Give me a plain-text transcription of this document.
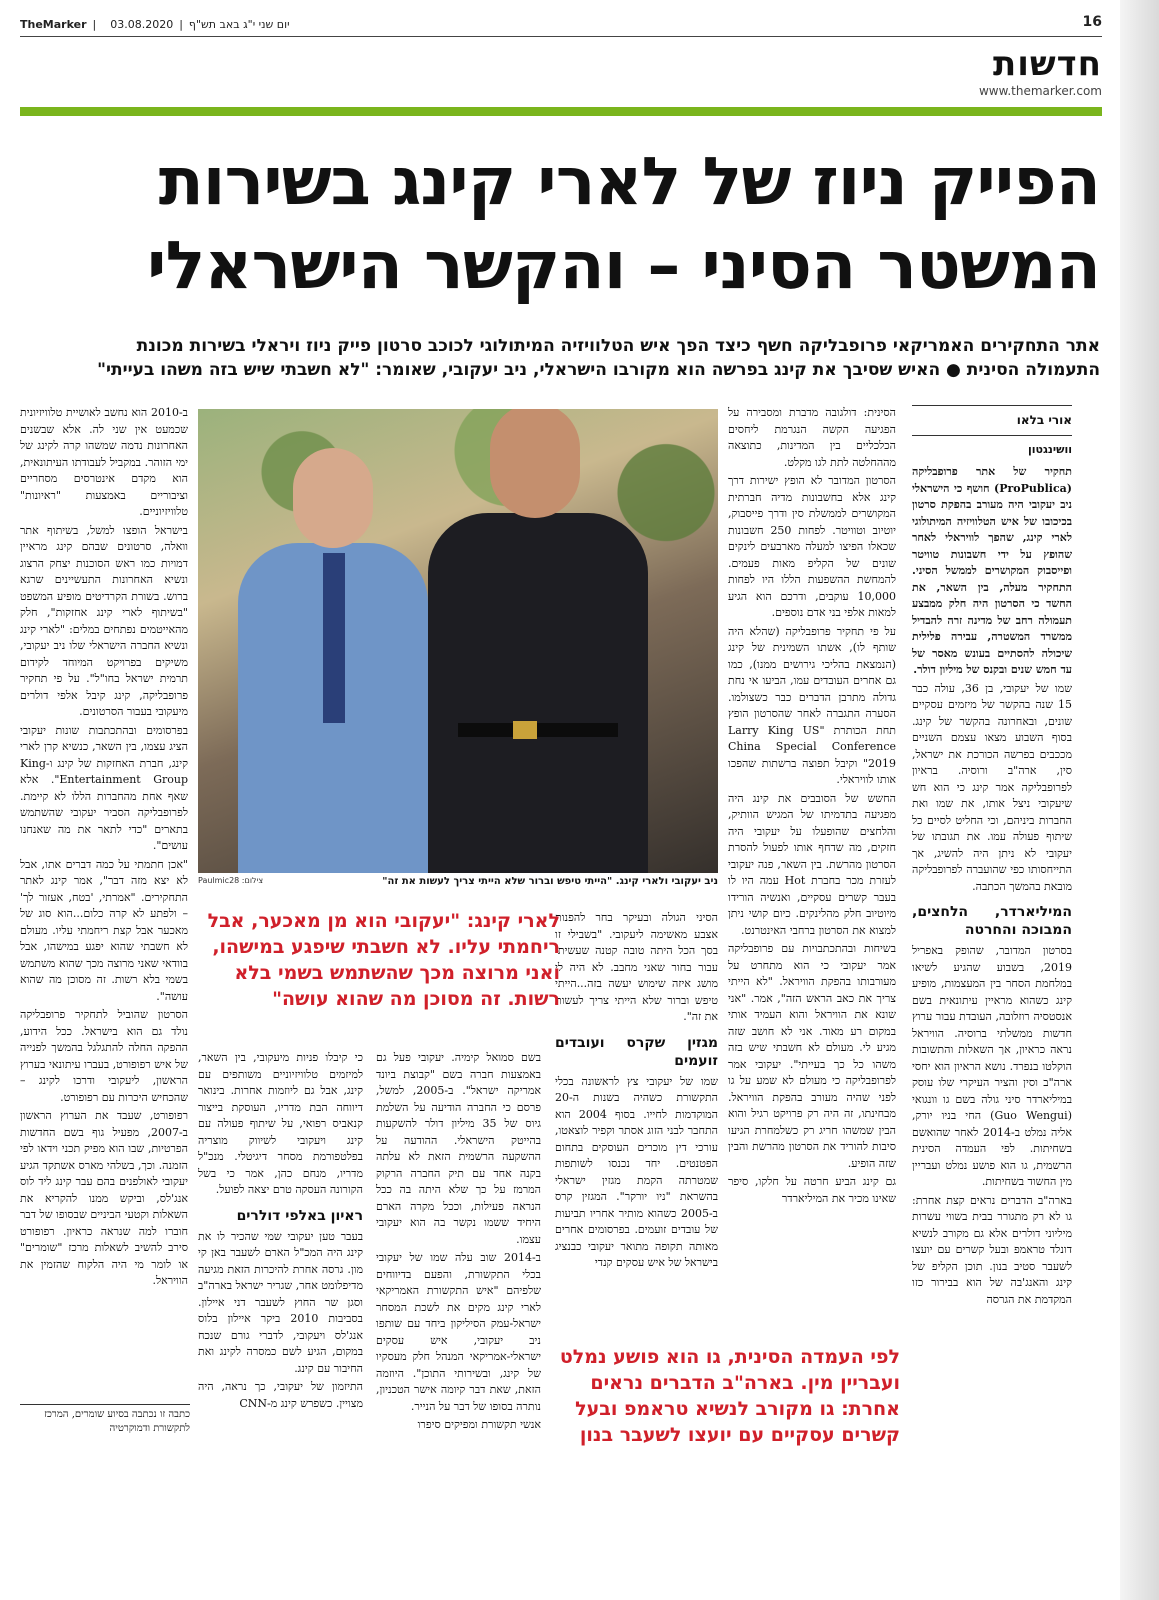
TheMarker | 03.08.2020 | יום שני י"ג באב תש"ף	16
חדשות
www.themarker.com
הפייק ניוז של לארי קינג בשירות
המשטר הסיני – והקשר הישראלי
אתר התחקירים האמריקאי פרופבליקה חשף כיצד הפך איש הטלוויזיה המיתולוגי לכוכב סרטון פייק ניוז ויראלי בשירות מכונת התעמולה הסינית ● האיש שסיבך את קינג בפרשה הוא מקורבו הישראלי, ניב יעקובי, שאומר: "לא חשבתי שיש בזה משהו בעייתי"
אורי בלאו
וושינגטון

תחקיר של אתר פרופבליקה (ProPublica) חושף כי הישראלי ניב יעקובי היה מעורב בהפקת סרטון בכיכובו של איש הטלוויזיה המיתולוגי לארי קינג, שהפך לוויראלי לאחר שהופץ על ידי חשבונות טוויטר ופייסבוק המקושרים לממשל הסיני. התחקיר מעלה, בין השאר, את החשד כי הסרטון היה חלק ממבצע תעמולה רחב של מדינה זרה להבדיל ממשרד המשטרה, עבירה פלילית שיכולה להסתיים בעונש מאסר של עד חמש שנים ובקנס של מיליון דולר.

שמו של יעקובי, בן 36, עולה כבר 15 שנה בהקשר של מיזמים עסקיים שונים, ובאחרונה בהקשר של קינג. בסוף השבוע מצאו עצמם השניים מככבים בפרשה הכורכת את ישראל, סין, ארה"ב ורוסיה. בראיון לפרופבליקה אמר קינג כי הוא חש שיעקובי ניצל אותו, את שמו ואת החברות ביניהם, וכי החליט לסיים כל שיתוף פעולה עמו. את תגובתו של יעקובי לא ניתן היה להשיג, אך התייחסותו כפי שהועברה לפרופבליקה מובאת בהמשך הכתבה.

המיליארדר, הלחצים, המבוכה והחרטה

בסרטון המדובר, שהופק באפריל 2019, בשבוע שהגיע לשיאו במלחמת הסחר בין המעצמות, מופיע קינג כשהוא מראיין עיתונאית בשם אנסטסיה רוזלובה, העובדת עבור ערוץ חדשות ממשלתי ברוסיה. הוויראל נראה כראיון, אך השאלות והתשובות הוקלטו בנפרד. נושא הראיון הוא יחסי ארה"ב וסין והציר העיקרי שלו עוסק במיליארדר סיני גולה בשם גו וונגואי (Guo Wengui) החי בניו יורק, אליה נמלט ב-2014 לאחר שהואשם בשחיתות. לפי העמדה הסינית הרשמית, גו הוא פושע נמלט ועבריין מין החשוד בשחיתות.

בארה"ב הדברים נראים קצת אחרת: גו לא רק מתגורר בבית בשווי עשרות מיליוני דולרים אלא גם מקורב לנשיא דונלד טראמפ ובעל קשרים עם יועצו לשעבר סטיב בנון. תוכן הקליפ של קינג והאנג'בה של הוא בבירור כזו המקדמת את הגרסה

הסינית: דולגובה מדברת ומסבירה על הפגיעה הקשה הנגרמת ליחסים הכלכליים בין המדינות, כתוצאה מההחלטה לתת לגו מקלט.

הסרטון המדובר לא הופץ ישירות דרך קינג אלא בחשבונות מדיה חברתית המקושרים לממשלת סין ודרך פייסבוק, יוטיוב וטוויטר. לפחות 250 חשבונות שכאלו הפיצו למעלה מארבעים לינקים שונים של הקליפ מאות פעמים. להמחשת ההשפעות הללו היו לפחות 10,000 עוקבים, ודרכם הוא הגיע למאות אלפי בני אדם נוספים.

על פי תחקיר פרופבליקה (שהלא היה שותף לו), אשתו השמינית של קינג (הנמצאת בהליכי גירושים ממנו), כמו גם אחרים העובדים עמו, הביעו אי נחת גדולה מתרבן הדברים כבר כשצולמו. הסערה התגברה לאחר שהסרטון הופץ תחת הכותרת "Larry King US China Special Conference 2019" וקיבל תפוצה ברשתות שהפכו אותו לוויראלי.

החשש של הסובבים את קינג היה מפגיעה בתדמיתו של המגיש הוותיק, והלחצים שהופעלו על יעקובי היה חזקים, מה שדחף אותו לפעול להסרת הסרטון מהרשת. בין השאר, פנה יעקובי לעזרת מכר בחברת Hot עמה היו לו בעבר קשרים עסקיים, ואנשיה הורידו מיוטיוב חלק מהלינקים. כיום קושי ניתן למצוא את הסרטון ברחבי האינטרנט.

בשיחות ובהתכתבויות עם פרופבליקה אמר יעקובי כי הוא מתחרט על מעורבותו בהפקת הוויראל. "לא הייתי צריך את כאב הראש הזה", אמר. "אני שונא את הוויראל והוא העמיד אותי במקום רע מאוד. אני לא חושב שזה מגיע לי. מעולם לא חשבתי שיש בזה משהו כל כך בעייתי". יעקובי אמר לפרופבליקה כי מעולם לא שמע על גו לפני שהיה מעורב בהפקת הוויראל. מבחינתו, זה היה רק פרויקט רגיל והוא הבין שמשהו חריג רק כשלמחרת הגיעו סיבות להוריד את הסרטון מהרשת והבין שזה הופיע.

גם קינג הביע חרטה על חלקו, סיפר שאינו מכיר את המיליארדר

ניב יעקובי ולארי קינג. "הייתי טיפש וברור שלא הייתי צריך לעשות את זה"
צילום: Paulmic28

הסיני הגולה ובעיקר בחר להפנות אצבע מאשימה ליעקובי. "בשבילי זו בסך הכל היתה טובה קטנה שעשיתי עבור בחור שאני מחבב. לא היה לי מושג איזה שימוש יעשה בזה...הייתי טיפש וברור שלא הייתי צריך לעשות את זה".

מגזין שקרס ועובדים זועמים

שמו של יעקובי צץ לראשונה בכלי התקשורת כשהיה בשנות ה-20 המוקדמות לחייו. בסוף 2004 הוא התחבר לבני הזוג אסתר וקפיר לוצאטו, עורכי דין מוכרים העוסקים בתחום הפטנטים. יחד נכנסו לשותפות שמטרתה הקמת מגזין ישראלי בהשראת "ניו יורקר". המגזין קרס ב-2005 כשהוא מותיר אחריו תביעות של עובדים זועמים. בפרסומים אחרים מאותה תקופה מתואר יעקובי כבנציג בישראל של איש עסקים קנדי

לארי קינג: "יעקובי הוא מן מאכער, אבל ריחמתי עליו. לא חשבתי שיפגע במישהו, ואני מרוצה מכך שהשתמש בשמי בלא רשות. זה מסוכן מה שהוא עושה"

בשם סמואל קימיה. יעקובי פעל גם באמצעות חברה בשם "קבוצת ביונד אמריקה ישראל". ב-2005, למשל, פרסם כי החברה הודיעה על השלמת גיוס של 35 מיליון דולר להשקעות בהייטק הישראלי. ההודעה על ההשקעה הרשמית הזאת לא עלתה בקנה אחד עם תיק החברה הרקוק המרמז על כך שלא היתה בה ככל הנראה פעילות, וככל מקרה הארם היחיד ששמו נקשר בה הוא יעקובי עצמו.

ב-2014 שוב עלה שמו של יעקובי בכלי התקשורת, והפעם בדיווחים שלפיהם "איש התקשורת האמריקאי לארי קינג מקים את לשכת המסחר ישראל-עמק הסיליקון ביחד עם שותפו ניב יעקובי, איש עסקים ישראלי-אמריקאי המנהל חלק מעסקיו של קינג, ובשירותי התוכן". היוזמה הזאת, שאת דבר קיומה אישר הטכניון, נותרה בסופו של דבר על הנייר.

אנשי תקשורת ומפיקים סיפרו

כי קיבלו פניות מיעקובי, בין השאר, למיזמים טלוויזיוניים משותפים עם קינג, אבל גם ליוזמות אחרות. בינואר דיווחה הבת מדריו, העוסקת בייצור קנאביס רפואי, על שיתוף פעולה עם קינג ויעקובי לשיווק מוצריה בפלטפורמת מסחר דיגיטלי. מנכ"ל מדריו, מנחם כהן, אמר כי בשל הקורונה העסקה טרם יצאה לפועל.

ראיון באלפי דולרים

בעבר טען יעקובי שמי שהכיר לו את קינג היה המכ"ל הארם לשעבר באן קי מון. גרסה אחרת להיכרות הזאת מגיעה מדיפלומט אחר, שגריר ישראל בארה"ב וסגן שר החוץ לשעבר דני איילון. בסביבות 2010 ביקר איילון בלוס אנג'לס ויעקובי, לדברי גורם שנכח במקום, הגיע לשם כמסרה לקינג ואת החיבור עם קינג.

התיזמון של יעקובי, כך נראה, היה מצויין. כשפרש קינג מ-CNN

ב-2010 הוא נחשב לאושיית טלוויזיונית שכמעט אין שני לה. אלא שבשנים האחרונות נדמה שמשהו קרה לקינג של ימי הזוהר. במקביל לעבודתו העיתונאית, הוא מקדם אינטרסים מסחריים וציבוריים באמצעות "ראיונות" טלוויזיוניים.

בישראל הופצו למשל, בשיתוף אתר וואלה, סרטונים שבהם קינג מראיין דמויות כמו ראש הסוכנות יצחק הרצוג ונשיא האחרונות התעשיינים שרגא ברוש. בשורת הקרדיטים מופיע המשפט "בשיתוף לארי קינג אחזקות", חלק מהאייטמים נפתחים במלים: "לארי קינג ונשיא החברה הישראלי שלו ניב יעקובי, משיקים בפרויקט המיוחד לקידום תרמית ישראל בחו"ל". על פי תחקיר פרופבליקה, קינג קיבל אלפי דולרים מיעקובי בעבור הסרטונים.

בפרסומים ובהתכתבות שונות יעקובי הציג עצמו, בין השאר, כנשיא קרן לארי קינג, חברת האחזקות של קינג ו-King Entertainment Group". אלא שאף אחת מהחברות הללו לא קיימת. לפרופבליקה הסביר יעקובי שהשתמש בתארים "כדי לתאר את מה שאנחנו עושים".

"אכן חתמתי על כמה דברים אתו, אבל לא יצא מזה דבר", אמר קינג לאתר התחקירים. "אמרתי, 'בטח, אעזור לך' – ולפתע לא קרה כלום...הוא סוג של מאכער אבל קצת ריחמתי עליו. מעולם לא חשבתי שהוא יפגע במישהו, אבל בוודאי שאני מרוצה מכך שהוא משתמש בשמי בלא רשות. זה מסוכן מה שהוא עושה".

הסרטון שהוביל לתחקיר פרופבליקה נולד גם הוא בישראל. ככל הידוע, ההפקה החלה להתגלגל בהמשך לפנייה של איש רפופורט, בעברו עיתונאי בערוץ הראשון, ליעקובי ודרכו לקינג – שהכחיש היכרות עם רפופורט.

רפופורט, שעבד את הערוץ הראשון ב-2007, מפעיל גוף בשם החדשות הפרטיות, שבו הוא מפיק תכני וידאו לפי הזמנה. וכך, בשלהי מארס אשתקד הגיע יעקובי לאולפנים בהם עבר קינג ליד לוס אנג'לס, וביקש ממנו להקריא את השאלות וקטעי הביניים שבסופו של דבר חוברו למה שנראה כראיון. רפופורט סירב להשיב לשאלות מרכז "שומרים" או לומר מי היה הלקוח שהזמין את הוויראל.

כתבה זו נכתבה בסיוע שומרים, המרכז לתקשורת ודמוקרטיה
לפי העמדה הסינית, גו הוא פושע נמלט ועבריין מין. בארה"ב הדברים נראים אחרת: גו מקורב לנשיא טראמפ ובעל קשרים עסקיים עם יועצו לשעבר בנון
